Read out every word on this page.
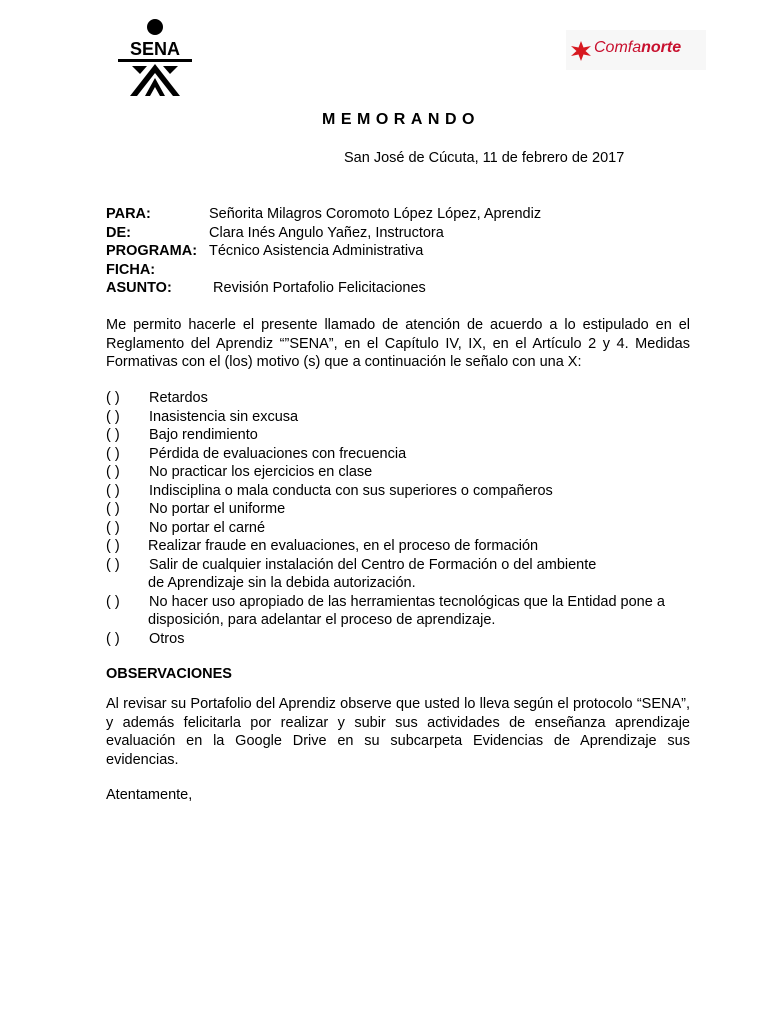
SENA	Comfanorte
MEMORANDO
San José de Cúcuta, 11 de febrero de 2017
PARA:	Señorita Milagros Coromoto López López, Aprendiz
DE:	Clara Inés Angulo Yañez, Instructora
PROGRAMA: Técnico Asistencia Administrativa
FICHA:
ASUNTO:	Revisión Portafolio Felicitaciones
Me permito hacerle el presente llamado de atención de acuerdo a lo estipulado en el Reglamento del Aprendiz “”SENA”, en el Capítulo IV, IX, en el Artículo 2 y 4. Medidas Formativas con el (los) motivo (s) que a continuación le señalo con una X:
( ) Retardos
( ) Inasistencia sin excusa
( ) Bajo rendimiento
( ) Pérdida de evaluaciones con frecuencia
( ) No practicar los ejercicios en clase
( ) Indisciplina o mala conducta con sus superiores o compañeros
( ) No portar el uniforme
( ) No portar el carné
( ) Realizar fraude en evaluaciones, en el proceso de formación
( ) Salir de cualquier instalación del Centro de Formación o del ambiente
de Aprendizaje sin la debida autorización.
( ) No hacer uso apropiado de las herramientas tecnológicas que la Entidad pone a
disposición, para adelantar el proceso de aprendizaje.
( ) Otros
OBSERVACIONES
Al revisar su Portafolio del Aprendiz observe que usted lo lleva según el protocolo “SENA”, y además felicitarla por realizar y subir sus actividades de enseñanza aprendizaje evaluación en la Google Drive en su subcarpeta Evidencias de Aprendizaje sus evidencias.
Atentamente,
